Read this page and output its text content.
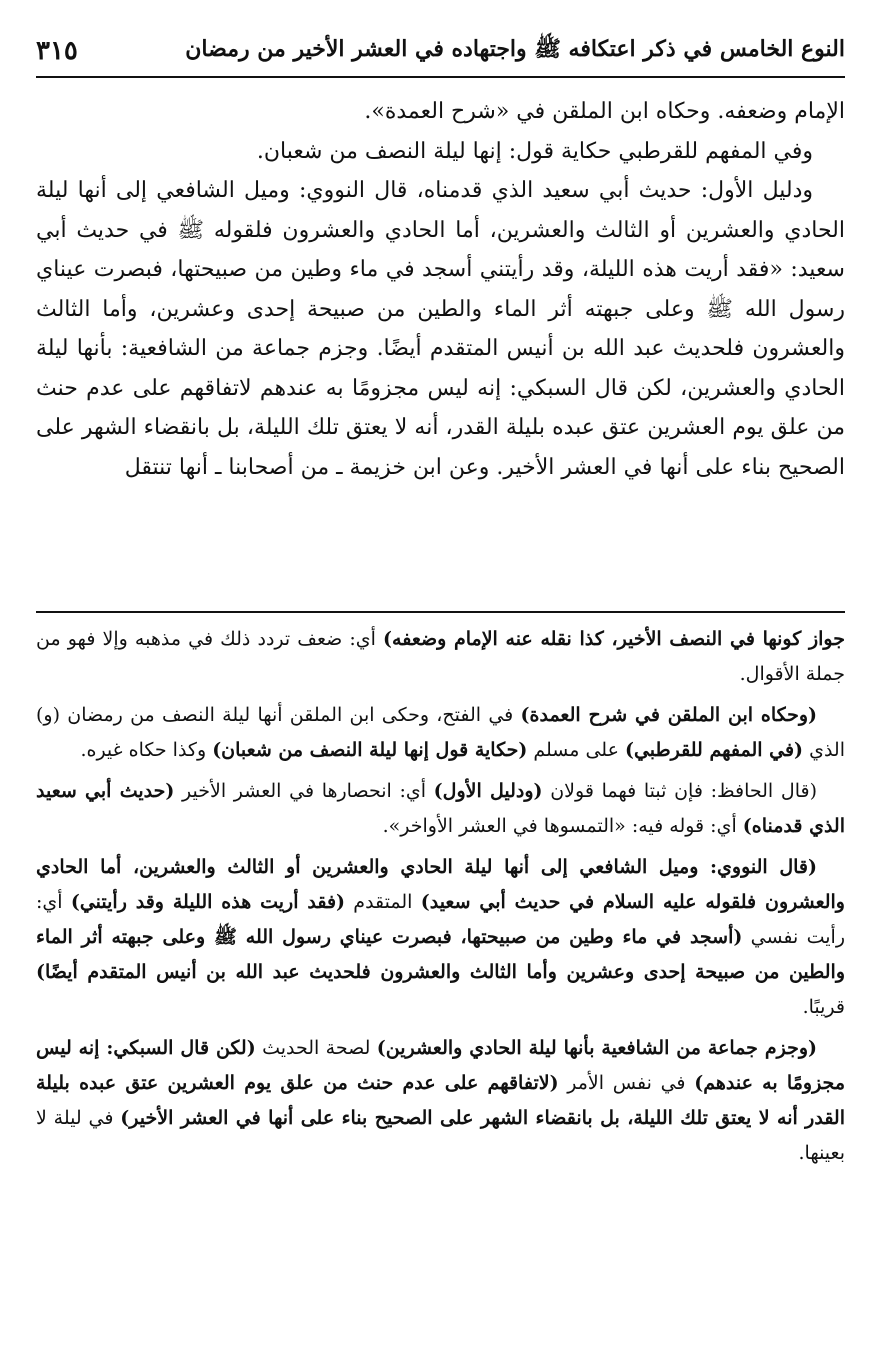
النوع الخامس في ذكر اعتكافه ﷺ واجتهاده في العشر الأخير من رمضان
٣١٥

الإمام وضعفه. وحكاه ابن الملقن في «شرح العمدة».

وفي المفهم للقرطبي حكاية قول: إنها ليلة النصف من شعبان.

ودليل الأول: حديث أبي سعيد الذي قدمناه، قال النووي: وميل الشافعي إلى أنها ليلة الحادي والعشرين أو الثالث والعشرين، أما الحادي والعشرون فلقوله ﷺ في حديث أبي سعيد: «فقد أريت هذه الليلة، وقد رأيتني أسجد في ماء وطين من صبيحتها، فبصرت عيناي رسول الله ﷺ وعلى جبهته أثر الماء والطين من صبيحة إحدى وعشرين، وأما الثالث والعشرون فلحديث عبد الله بن أنيس المتقدم أيضًا. وجزم جماعة من الشافعية: بأنها ليلة الحادي والعشرين، لكن قال السبكي: إنه ليس مجزومًا به عندهم لاتفاقهم على عدم حنث من علق يوم العشرين عتق عبده بليلة القدر، أنه لا يعتق تلك الليلة، بل بانقضاء الشهر على الصحيح بناء على أنها في العشر الأخير. وعن ابن خزيمة ـ من أصحابنا ـ أنها تنتقل

جواز كونها في النصف الأخير، كذا نقله عنه الإمام وضعفه) أي: ضعف تردد ذلك في مذهبه وإلا فهو من جملة الأقوال.

(وحكاه ابن الملقن في شرح العمدة) في الفتح، وحكى ابن الملقن أنها ليلة النصف من رمضان (و) الذي (في المفهم للقرطبي) على مسلم (حكاية قول إنها ليلة النصف من شعبان) وكذا حكاه غيره.

(قال الحافظ: فإن ثبتا فهما قولان (ودليل الأول) أي: انحصارها في العشر الأخير (حديث أبي سعيد الذي قدمناه) أي: قوله فيه: «التمسوها في العشر الأواخر».

(قال النووي: وميل الشافعي إلى أنها ليلة الحادي والعشرين أو الثالث والعشرين، أما الحادي والعشرون فلقوله عليه السلام في حديث أبي سعيد) المتقدم (فقد أريت هذه الليلة وقد رأيتني) أي: رأيت نفسي (أسجد في ماء وطين من صبيحتها، فبصرت عيناي رسول الله ﷺ وعلى جبهته أثر الماء والطين من صبيحة إحدى وعشرين وأما الثالث والعشرون فلحديث عبد الله بن أنيس المتقدم أيضًا) قريبًا.

(وجزم جماعة من الشافعية بأنها ليلة الحادي والعشرين) لصحة الحديث (لكن قال السبكي: إنه ليس مجزومًا به عندهم) في نفس الأمر (لاتفاقهم على عدم حنث من علق يوم العشرين عتق عبده بليلة القدر أنه لا يعتق تلك الليلة، بل بانقضاء الشهر على الصحيح بناء على أنها في العشر الأخير) في ليلة لا بعينها.
